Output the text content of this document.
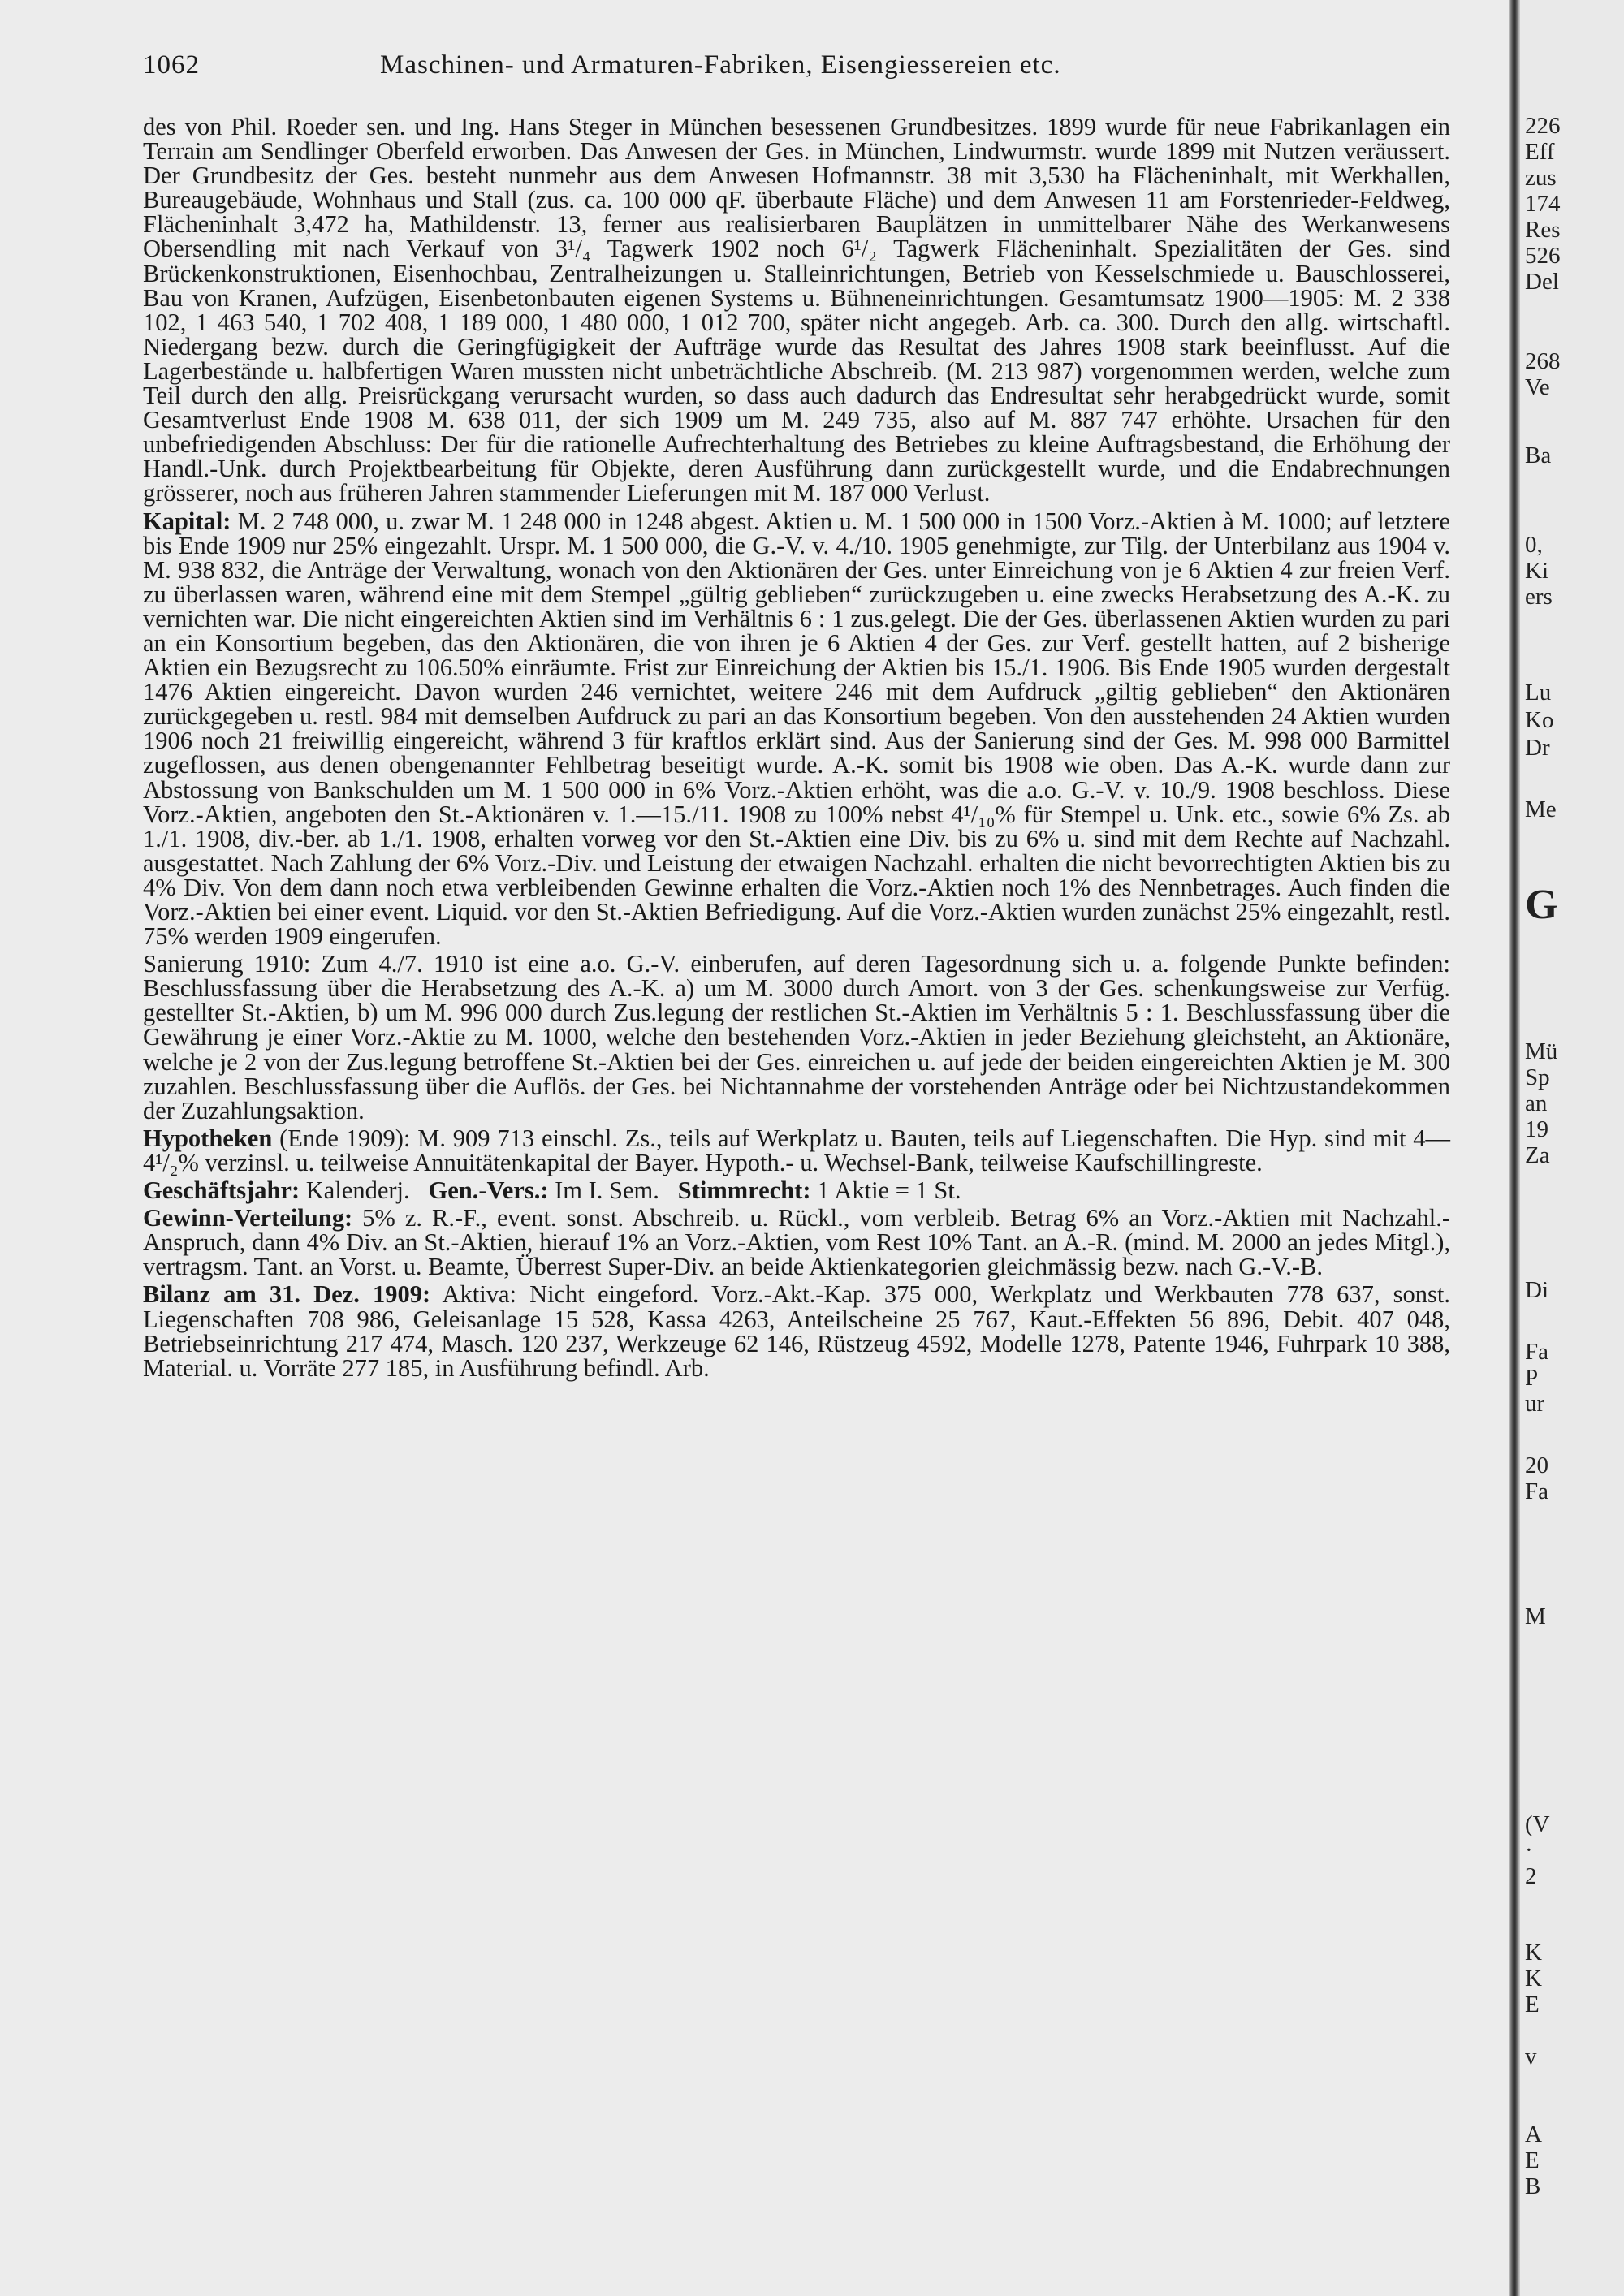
1062	Maschinen- und Armaturen-Fabriken, Eisengiessereien etc.

des von Phil. Roeder sen. und Ing. Hans Steger in München besessenen Grundbesitzes. 1899 wurde für neue Fabrikanlagen ein Terrain am Sendlinger Oberfeld erworben. Das Anwesen der Ges. in München, Lindwurmstr. wurde 1899 mit Nutzen veräussert. Der Grundbesitz der Ges. besteht nunmehr aus dem Anwesen Hofmannstr. 38 mit 3,530 ha Flächeninhalt, mit Werkhallen, Bureaugebäude, Wohnhaus und Stall (zus. ca. 100 000 qF. überbaute Fläche) und dem Anwesen 11 am Forstenrieder-Feldweg, Flächeninhalt 3,472 ha, Mathildenstr. 13, ferner aus realisierbaren Bauplätzen in unmittelbarer Nähe des Werkanwesens Obersendling mit nach Verkauf von 3¹/₄ Tagwerk 1902 noch 6¹/₂ Tagwerk Flächeninhalt. Spezialitäten der Ges. sind Brückenkonstruktionen, Eisenhochbau, Zentralheizungen u. Stalleinrichtungen, Betrieb von Kesselschmiede u. Bauschlosserei, Bau von Kranen, Aufzügen, Eisenbetonbauten eigenen Systems u. Bühneneinrichtungen. Gesamtumsatz 1900—1905: M. 2 338 102, 1 463 540, 1 702 408, 1 189 000, 1 480 000, 1 012 700, später nicht angegeb. Arb. ca. 300. Durch den allg. wirtschaftl. Niedergang bezw. durch die Geringfügigkeit der Aufträge wurde das Resultat des Jahres 1908 stark beeinflusst. Auf die Lagerbestände u. halbfertigen Waren mussten nicht unbeträchtliche Abschreib. (M. 213 987) vorgenommen werden, welche zum Teil durch den allg. Preisrückgang verursacht wurden, so dass auch dadurch das Endresultat sehr herabgedrückt wurde, somit Gesamtverlust Ende 1908 M. 638 011, der sich 1909 um M. 249 735, also auf M. 887 747 erhöhte. Ursachen für den unbefriedigenden Abschluss: Der für die rationelle Aufrechterhaltung des Betriebes zu kleine Auftragsbestand, die Erhöhung der Handl.-Unk. durch Projektbearbeitung für Objekte, deren Ausführung dann zurückgestellt wurde, und die Endabrechnungen grösserer, noch aus früheren Jahren stammender Lieferungen mit M. 187 000 Verlust.

Kapital: M. 2 748 000, u. zwar M. 1 248 000 in 1248 abgest. Aktien u. M. 1 500 000 in 1500 Vorz.-Aktien à M. 1000; auf letztere bis Ende 1909 nur 25% eingezahlt. Urspr. M. 1 500 000, die G.-V. v. 4./10. 1905 genehmigte, zur Tilg. der Unterbilanz aus 1904 v. M. 938 832, die Anträge der Verwaltung, wonach von den Aktionären der Ges. unter Einreichung von je 6 Aktien 4 zur freien Verf. zu überlassen waren, während eine mit dem Stempel „gültig geblieben“ zurückzugeben u. eine zwecks Herabsetzung des A.-K. zu vernichten war. Die nicht eingereichten Aktien sind im Verhältnis 6 : 1 zus.gelegt. Die der Ges. überlassenen Aktien wurden zu pari an ein Konsortium begeben, das den Aktionären, die von ihren je 6 Aktien 4 der Ges. zur Verf. gestellt hatten, auf 2 bisherige Aktien ein Bezugsrecht zu 106.50% einräumte. Frist zur Einreichung der Aktien bis 15./1. 1906. Bis Ende 1905 wurden dergestalt 1476 Aktien eingereicht. Davon wurden 246 vernichtet, weitere 246 mit dem Aufdruck „giltig geblieben“ den Aktionären zurückgegeben u. restl. 984 mit demselben Aufdruck zu pari an das Konsortium begeben. Von den ausstehenden 24 Aktien wurden 1906 noch 21 freiwillig eingereicht, während 3 für kraftlos erklärt sind. Aus der Sanierung sind der Ges. M. 998 000 Barmittel zugeflossen, aus denen obengenannter Fehlbetrag beseitigt wurde. A.-K. somit bis 1908 wie oben. Das A.-K. wurde dann zur Abstossung von Bankschulden um M. 1 500 000 in 6% Vorz.-Aktien erhöht, was die a.o. G.-V. v. 10./9. 1908 beschloss. Diese Vorz.-Aktien, angeboten den St.-Aktionären v. 1.—15./11. 1908 zu 100% nebst 4¹/₁₀% für Stempel u. Unk. etc., sowie 6% Zs. ab 1./1. 1908, div.-ber. ab 1./1. 1908, erhalten vorweg vor den St.-Aktien eine Div. bis zu 6% u. sind mit dem Rechte auf Nachzahl. ausgestattet. Nach Zahlung der 6% Vorz.-Div. und Leistung der etwaigen Nachzahl. erhalten die nicht bevorrechtigten Aktien bis zu 4% Div. Von dem dann noch etwa verbleibenden Gewinne erhalten die Vorz.-Aktien noch 1% des Nennbetrages. Auch finden die Vorz.-Aktien bei einer event. Liquid. vor den St.-Aktien Befriedigung. Auf die Vorz.-Aktien wurden zunächst 25% eingezahlt, restl. 75% werden 1909 eingerufen.

Sanierung 1910: Zum 4./7. 1910 ist eine a.o. G.-V. einberufen, auf deren Tagesordnung sich u. a. folgende Punkte befinden: Beschlussfassung über die Herabsetzung des A.-K. a) um M. 3000 durch Amort. von 3 der Ges. schenkungsweise zur Verfüg. gestellter St.-Aktien, b) um M. 996 000 durch Zus.legung der restlichen St.-Aktien im Verhältnis 5 : 1. Beschlussfassung über die Gewährung je einer Vorz.-Aktie zu M. 1000, welche den bestehenden Vorz.-Aktien in jeder Beziehung gleichsteht, an Aktionäre, welche je 2 von der Zus.legung betroffene St.-Aktien bei der Ges. einreichen u. auf jede der beiden eingereichten Aktien je M. 300 zuzahlen. Beschlussfassung über die Auflös. der Ges. bei Nichtannahme der vorstehenden Anträge oder bei Nichtzustandekommen der Zuzahlungsaktion.

Hypotheken (Ende 1909): M. 909 713 einschl. Zs., teils auf Werkplatz u. Bauten, teils auf Liegenschaften. Die Hyp. sind mit 4—4¹/₂% verzinsl. u. teilweise Annuitätenkapital der Bayer. Hypoth.- u. Wechsel-Bank, teilweise Kaufschillingreste.

Geschäftsjahr: Kalenderj. Gen.-Vers.: Im I. Sem. Stimmrecht: 1 Aktie = 1 St.

Gewinn-Verteilung: 5% z. R.-F., event. sonst. Abschreib. u. Rückl., vom verbleib. Betrag 6% an Vorz.-Aktien mit Nachzahl.-Anspruch, dann 4% Div. an St.-Aktien, hierauf 1% an Vorz.-Aktien, vom Rest 10% Tant. an A.-R. (mind. M. 2000 an jedes Mitgl.), vertragsm. Tant. an Vorst. u. Beamte, Überrest Super-Div. an beide Aktienkategorien gleichmässig bezw. nach G.-V.-B.

Bilanz am 31. Dez. 1909: Aktiva: Nicht eingeford. Vorz.-Akt.-Kap. 375 000, Werkplatz und Werkbauten 778 637, sonst. Liegenschaften 708 986, Geleisanlage 15 528, Kassa 4263, Anteilscheine 25 767, Kaut.-Effekten 56 896, Debit. 407 048, Betriebseinrichtung 217 474, Masch. 120 237, Werkzeuge 62 146, Rüstzeug 4592, Modelle 1278, Patente 1946, Fuhrpark 10 388, Material. u. Vorräte 277 185, in Ausführung befindl. Arb.

226
Eff
zus
174
Res
526
Del
268
Ve
Ba
0,
Ki
ers
Lu
Ko
Dr
Me
G
Mü
Sp
an
19
Za
Di
Fa
P
ur
20
Fa
M
(V
·
2
K
K
E
v
A
E
B
